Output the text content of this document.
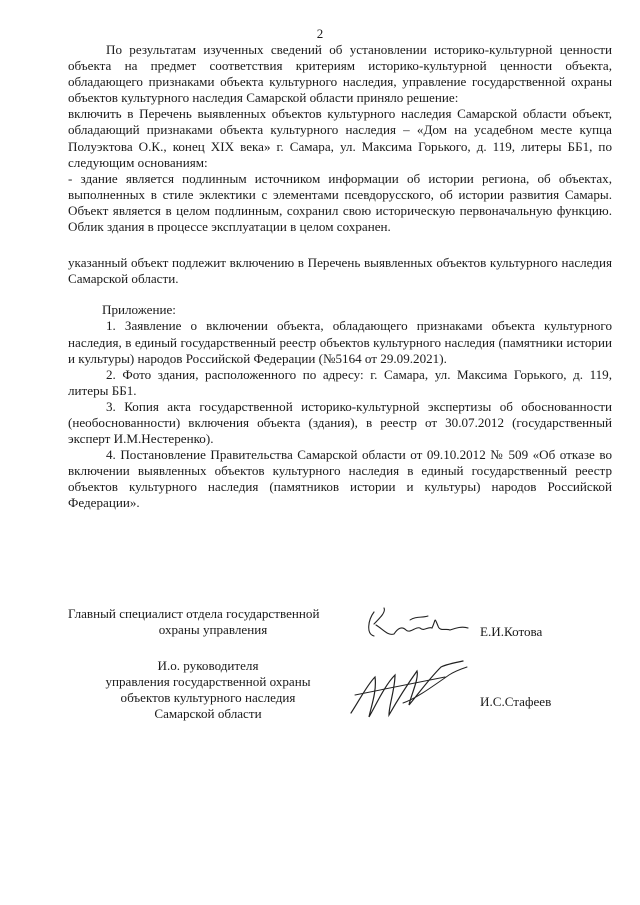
2

По результатам изученных сведений об установлении историко-культурной ценности объекта на предмет соответствия критериям историко-культурной ценности объекта, обладающего признаками объекта культурного наследия, управление государственной охраны объектов культурного наследия Самарской области приняло решение:

включить в Перечень выявленных объектов культурного наследия Самарской области объект, обладающий признаками объекта культурного наследия – «Дом на усадебном месте купца Полуэктова О.К., конец XIX века» г. Самара, ул. Максима Горького, д. 119, литеры ББ1, по следующим основаниям:

- здание является подлинным источником информации об истории региона, об объектах, выполненных в стиле эклектики с элементами псевдорусского, об истории развития Самары. Объект является в целом подлинным, сохранил свою историческую первоначальную функцию. Облик здания в процессе эксплуатации в целом сохранен.

указанный объект подлежит включению в Перечень выявленных объектов культурного наследия Самарской области.

Приложение:

1. Заявление о включении объекта, обладающего признаками объекта культурного наследия, в единый государственный реестр объектов культурного наследия (памятники истории и культуры) народов Российской Федерации (№5164 от 29.09.2021).

2. Фото здания, расположенного по адресу: г. Самара, ул. Максима Горького, д. 119, литеры ББ1.

3. Копия акта государственной историко-культурной экспертизы об обоснованности (необоснованности) включения объекта (здания), в реестр от 30.07.2012 (государственный эксперт И.М.Нестеренко).

4. Постановление Правительства Самарской области от 09.10.2012 № 509 «Об отказе во включении выявленных объектов культурного наследия в единый государственный реестр объектов культурного наследия (памятников истории и культуры) народов Российской Федерации».

Главный специалист отдела государственной
охраны управления	Е.И.Котова
И.о. руководителя
управления государственной охраны
объектов культурного наследия
Самарской области
И.С.Стафеев
